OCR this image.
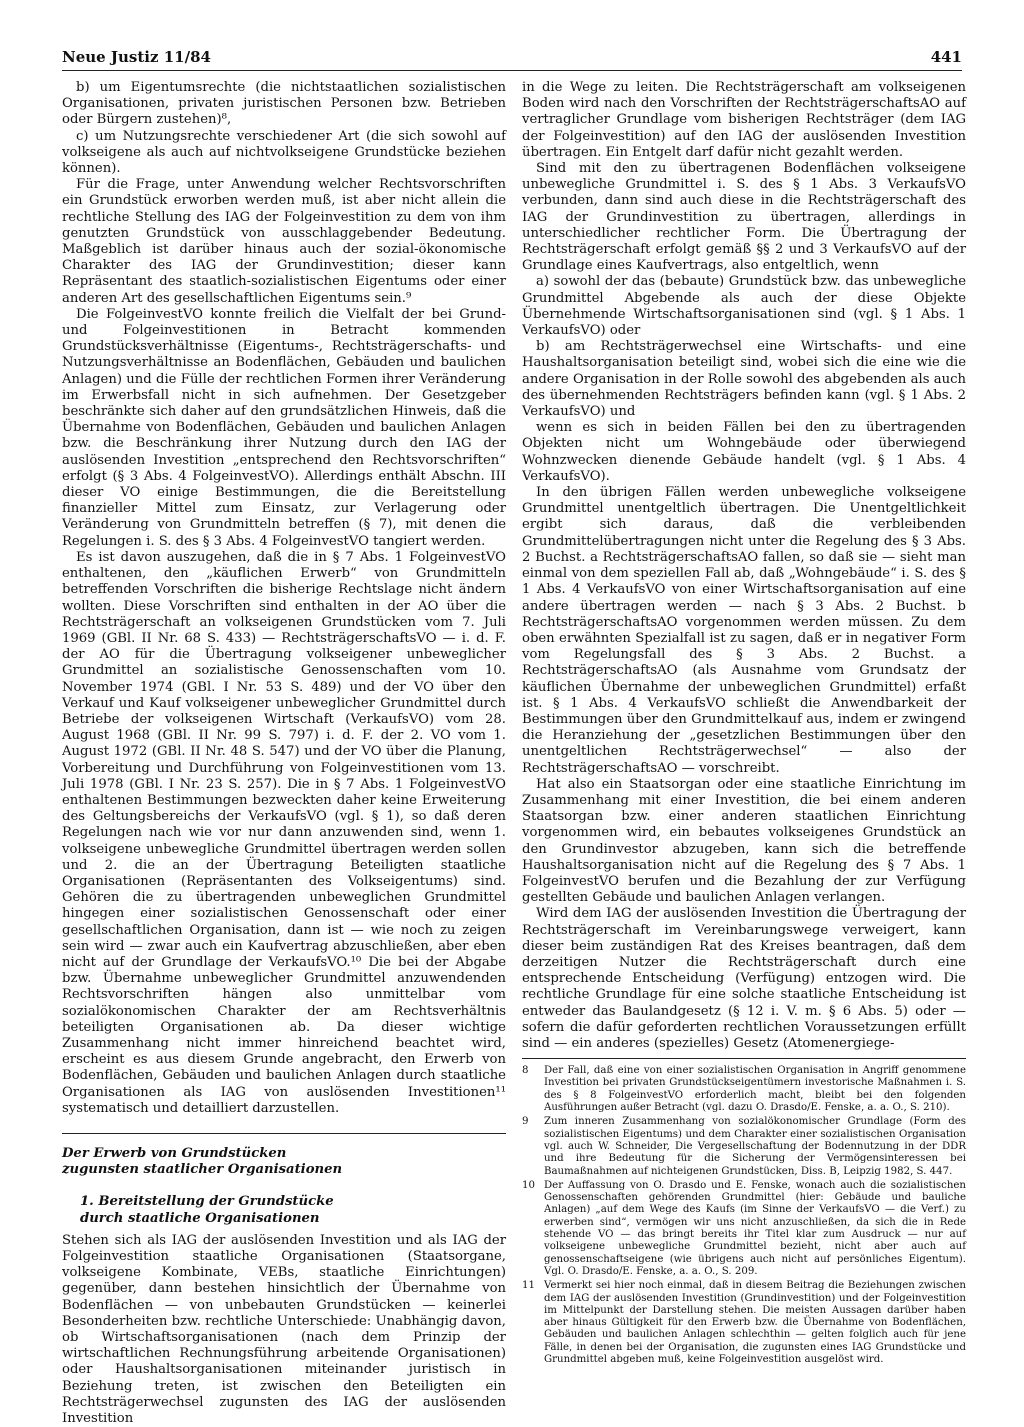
Neue Justiz 11/84	441

b) um Eigentumsrechte (die nichtstaatlichen sozialistischen Organisationen, privaten juristischen Personen bzw. Betrieben oder Bürgern zustehen)⁸,

c) um Nutzungsrechte verschiedener Art (die sich sowohl auf volkseigene als auch auf nichtvolkseigene Grundstücke beziehen können).

Für die Frage, unter Anwendung welcher Rechtsvorschriften ein Grundstück erworben werden muß, ist aber nicht allein die rechtliche Stellung des IAG der Folgeinvestition zu dem von ihm genutzten Grundstück von ausschlaggebender Bedeutung. Maßgeblich ist darüber hinaus auch der sozial-ökonomische Charakter des IAG der Grundinvestition; dieser kann Repräsentant des staatlich-sozialistischen Eigentums oder einer anderen Art des gesellschaftlichen Eigentums sein.⁹

Die FolgeinvestVO konnte freilich die Vielfalt der bei Grund- und Folgeinvestitionen in Betracht kommenden Grundstücksverhältnisse (Eigentums-, Rechtsträgerschafts- und Nutzungsverhältnisse an Bodenflächen, Gebäuden und baulichen Anlagen) und die Fülle der rechtlichen Formen ihrer Veränderung im Erwerbsfall nicht in sich aufnehmen. Der Gesetzgeber beschränkte sich daher auf den grundsätzlichen Hinweis, daß die Übernahme von Bodenflächen, Gebäuden und baulichen Anlagen bzw. die Beschränkung ihrer Nutzung durch den IAG der auslösenden Investition „entsprechend den Rechtsvorschriften“ erfolgt (§ 3 Abs. 4 FolgeinvestVO). Allerdings enthält Abschn. III dieser VO einige Bestimmungen, die die Bereitstellung finanzieller Mittel zum Einsatz, zur Verlagerung oder Veränderung von Grundmitteln betreffen (§ 7), mit denen die Regelungen i. S. des § 3 Abs. 4 FolgeinvestVO tangiert werden.

Es ist davon auszugehen, daß die in § 7 Abs. 1 FolgeinvestVO enthaltenen, den „käuflichen Erwerb“ von Grundmitteln betreffenden Vorschriften die bisherige Rechtslage nicht ändern wollten. Diese Vorschriften sind enthalten in der AO über die Rechtsträgerschaft an volkseigenen Grundstücken vom 7. Juli 1969 (GBl. II Nr. 68 S. 433) — RechtsträgerschaftsVO — i. d. F. der AO für die Übertragung volkseigener unbeweglicher Grundmittel an sozialistische Genossenschaften vom 10. November 1974 (GBl. I Nr. 53 S. 489) und der VO über den Verkauf und Kauf volkseigener unbeweglicher Grundmittel durch Betriebe der volkseigenen Wirtschaft (VerkaufsVO) vom 28. August 1968 (GBl. II Nr. 99 S. 797) i. d. F. der 2. VO vom 1. August 1972 (GBl. II Nr. 48 S. 547) und der VO über die Planung, Vorbereitung und Durchführung von Folgeinvestitionen vom 13. Juli 1978 (GBl. I Nr. 23 S. 257). Die in § 7 Abs. 1 FolgeinvestVO enthaltenen Bestimmungen bezweckten daher keine Erweiterung des Geltungsbereichs der VerkaufsVO (vgl. § 1), so daß deren Regelungen nach wie vor nur dann anzuwenden sind, wenn 1. volkseigene unbewegliche Grundmittel übertragen werden sollen und 2. die an der Übertragung Beteiligten staatliche Organisationen (Repräsentanten des Volkseigentums) sind. Gehören die zu übertragenden unbeweglichen Grundmittel hingegen einer sozialistischen Genossenschaft oder einer gesellschaftlichen Organisation, dann ist — wie noch zu zeigen sein wird — zwar auch ein Kaufvertrag abzuschließen, aber eben nicht auf der Grundlage der VerkaufsVO.¹⁰ Die bei der Abgabe bzw. Übernahme unbeweglicher Grundmittel anzuwendenden Rechtsvorschriften hängen also unmittelbar vom sozialökonomischen Charakter der am Rechtsverhältnis beteiligten Organisationen ab. Da dieser wichtige Zusammenhang nicht immer hinreichend beachtet wird, erscheint es aus diesem Grunde angebracht, den Erwerb von Bodenflächen, Gebäuden und baulichen Anlagen durch staatliche Organisationen als IAG von auslösenden Investitionen¹¹ systematisch und detailliert darzustellen.

Der Erwerb von Grundstücken
zugunsten staatlicher Organisationen
1. Bereitstellung der Grundstücke
durch staatliche Organisationen

Stehen sich als IAG der auslösenden Investition und als IAG der Folgeinvestition staatliche Organisationen (Staatsorgane, volkseigene Kombinate, VEBs, staatliche Einrichtungen) gegenüber, dann bestehen hinsichtlich der Übernahme von Bodenflächen — von unbebauten Grundstücken — keinerlei Besonderheiten bzw. rechtliche Unterschiede: Unabhängig davon, ob Wirtschaftsorganisationen (nach dem Prinzip der wirtschaftlichen Rechnungsführung arbeitende Organisationen) oder Haushaltsorganisationen miteinander juristisch in Beziehung treten, ist zwischen den Beteiligten ein Rechtsträgerwechsel zugunsten des IAG der auslösenden Investition

in die Wege zu leiten. Die Rechtsträgerschaft am volkseigenen Boden wird nach den Vorschriften der RechtsträgerschaftsAO auf vertraglicher Grundlage vom bisherigen Rechtsträger (dem IAG der Folgeinvestition) auf den IAG der auslösenden Investition übertragen. Ein Entgelt darf dafür nicht gezahlt werden.

Sind mit den zu übertragenen Bodenflächen volkseigene unbewegliche Grundmittel i. S. des § 1 Abs. 3 VerkaufsVO verbunden, dann sind auch diese in die Rechtsträgerschaft des IAG der Grundinvestition zu übertragen, allerdings in unterschiedlicher rechtlicher Form. Die Übertragung der Rechtsträgerschaft erfolgt gemäß §§ 2 und 3 VerkaufsVO auf der Grundlage eines Kaufvertrags, also entgeltlich, wenn

a) sowohl der das (bebaute) Grundstück bzw. das unbewegliche Grundmittel Abgebende als auch der diese Objekte Übernehmende Wirtschaftsorganisationen sind (vgl. § 1 Abs. 1 VerkaufsVO) oder

b) am Rechtsträgerwechsel eine Wirtschafts- und eine Haushaltsorganisation beteiligt sind, wobei sich die eine wie die andere Organisation in der Rolle sowohl des abgebenden als auch des übernehmenden Rechtsträgers befinden kann (vgl. § 1 Abs. 2 VerkaufsVO) und

wenn es sich in beiden Fällen bei den zu übertragenden Objekten nicht um Wohngebäude oder überwiegend Wohnzwecken dienende Gebäude handelt (vgl. § 1 Abs. 4 VerkaufsVO).

In den übrigen Fällen werden unbewegliche volkseigene Grundmittel unentgeltlich übertragen. Die Unentgeltlichkeit ergibt sich daraus, daß die verbleibenden Grundmittelübertragungen nicht unter die Regelung des § 3 Abs. 2 Buchst. a RechtsträgerschaftsAO fallen, so daß sie — sieht man einmal von dem speziellen Fall ab, daß „Wohngebäude“ i. S. des § 1 Abs. 4 VerkaufsVO von einer Wirtschaftsorganisation auf eine andere übertragen werden — nach § 3 Abs. 2 Buchst. b RechtsträgerschaftsAO vorgenommen werden müssen. Zu dem oben erwähnten Spezialfall ist zu sagen, daß er in negativer Form vom Regelungsfall des § 3 Abs. 2 Buchst. a RechtsträgerschaftsAO (als Ausnahme vom Grundsatz der käuflichen Übernahme der unbeweglichen Grundmittel) erfaßt ist. § 1 Abs. 4 VerkaufsVO schließt die Anwendbarkeit der Bestimmungen über den Grundmittelkauf aus, indem er zwingend die Heranziehung der „gesetzlichen Bestimmungen über den unentgeltlichen Rechtsträgerwechsel“ — also der RechtsträgerschaftsAO — vorschreibt.

Hat also ein Staatsorgan oder eine staatliche Einrichtung im Zusammenhang mit einer Investition, die bei einem anderen Staatsorgan bzw. einer anderen staatlichen Einrichtung vorgenommen wird, ein bebautes volkseigenes Grundstück an den Grundinvestor abzugeben, kann sich die betreffende Haushaltsorganisation nicht auf die Regelung des § 7 Abs. 1 FolgeinvestVO berufen und die Bezahlung der zur Verfügung gestellten Gebäude und baulichen Anlagen verlangen.

Wird dem IAG der auslösenden Investition die Übertragung der Rechtsträgerschaft im Vereinbarungswege verweigert, kann dieser beim zuständigen Rat des Kreises beantragen, daß dem derzeitigen Nutzer die Rechtsträgerschaft durch eine entsprechende Entscheidung (Verfügung) entzogen wird. Die rechtliche Grundlage für eine solche staatliche Entscheidung ist entweder das Baulandgesetz (§ 12 i. V. m. § 6 Abs. 5) oder — sofern die dafür geforderten rechtlichen Voraussetzungen erfüllt sind — ein anderes (spezielles) Gesetz (Atomenergiege-

8	Der Fall, daß eine von einer sozialistischen Organisation in Angriff genommene Investition bei privaten Grundstückseigentümern investorische Maßnahmen i. S. des § 8 FolgeinvestVO erforderlich macht, bleibt bei den folgenden Ausführungen außer Betracht (vgl. dazu O. Drasdo/E. Fenske, a. a. O., S. 210).
9	Zum inneren Zusammenhang von sozialökonomischer Grundlage (Form des sozialistischen Eigentums) und dem Charakter einer sozialistischen Organisation vgl. auch W. Schneider, Die Vergesellschaftung der Bodennutzung in der DDR und ihre Bedeutung für die Sicherung der Vermögensinteressen bei Baumaßnahmen auf nichteigenen Grundstücken, Diss. B, Leipzig 1982, S. 447.
10 Der Auffassung von O. Drasdo und E. Fenske, wonach auch die sozialistischen Genossenschaften gehörenden Grundmittel (hier: Gebäude und bauliche Anlagen) „auf dem Wege des Kaufs (im Sinne der VerkaufsVO — die Verf.) zu erwerben sind“, vermögen wir uns nicht anzuschließen, da sich die in Rede stehende VO — das bringt bereits ihr Titel klar zum Ausdruck — nur auf volkseigene unbewegliche Grundmittel bezieht, nicht aber auch auf genossenschaftseigene (wie übrigens auch nicht auf persönliches Eigentum). Vgl. O. Drasdo/E. Fenske, a. a. O., S. 209.
11 Vermerkt sei hier noch einmal, daß in diesem Beitrag die Beziehungen zwischen dem IAG der auslösenden Investition (Grundinvestition) und der Folgeinvestition im Mittelpunkt der Darstellung stehen. Die meisten Aussagen darüber haben aber hinaus Gültigkeit für den Erwerb bzw. die Übernahme von Bodenflächen, Gebäuden und baulichen Anlagen schlechthin — gelten folglich auch für jene Fälle, in denen bei der Organisation, die zugunsten eines IAG Grundstücke und Grundmittel abgeben muß, keine Folgeinvestition ausgelöst wird.
